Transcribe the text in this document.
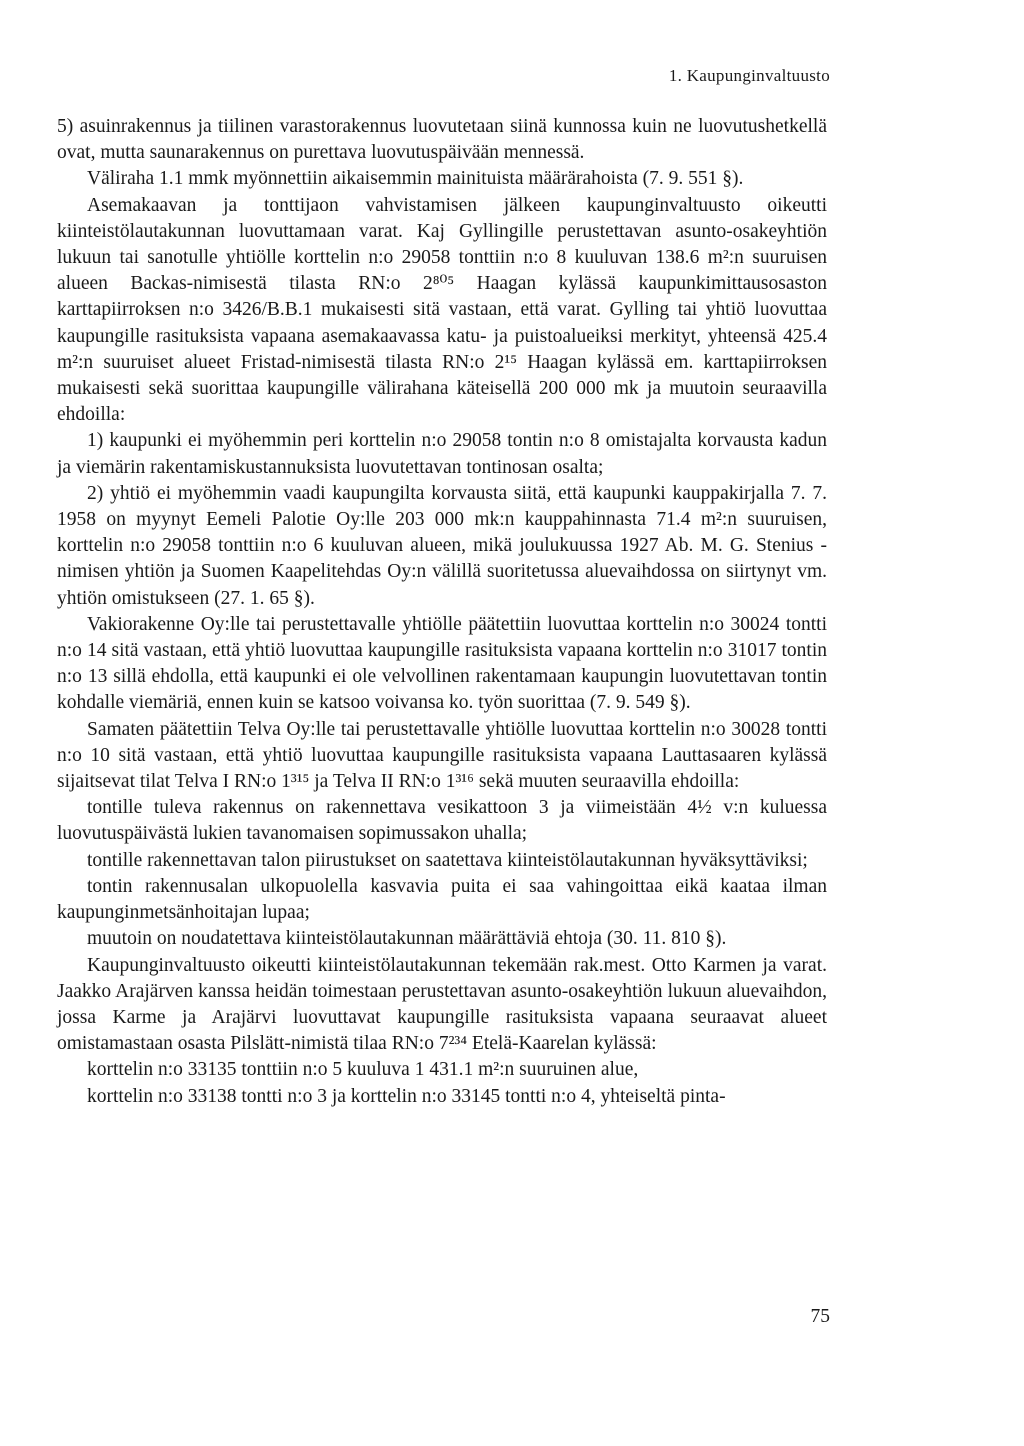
1. Kaupunginvaltuusto

5) asuinrakennus ja tiilinen varastorakennus luovutetaan siinä kunnossa kuin ne luovutushetkellä ovat, mutta saunarakennus on purettava luovutuspäivään mennessä.

Väliraha 1.1 mmk myönnettiin aikaisemmin mainituista määrärahoista (7. 9. 551 §).

Asemakaavan ja tonttijaon vahvistamisen jälkeen kaupunginvaltuusto oikeutti kiinteistölautakunnan luovuttamaan varat. Kaj Gyllingille perustettavan asunto-osakeyhtiön lukuun tai sanotulle yhtiölle korttelin n:o 29058 tonttiin n:o 8 kuuluvan 138.6 m²:n suuruisen alueen Backas-nimisestä tilasta RN:o 2⁸⁰⁵ Haagan kylässä kaupunkimittausosaston karttapiirroksen n:o 3426/B.B.1 mukaisesti sitä vastaan, että varat. Gylling tai yhtiö luovuttaa kaupungille rasituksista vapaana asemakaavassa katu- ja puistoalueiksi merkityt, yhteensä 425.4 m²:n suuruiset alueet Fristad-nimisestä tilasta RN:o 2¹⁵ Haagan kylässä em. karttapiirroksen mukaisesti sekä suorittaa kaupungille välirahana käteisellä 200 000 mk ja muutoin seuraavilla ehdoilla:

1) kaupunki ei myöhemmin peri korttelin n:o 29058 tontin n:o 8 omistajalta korvausta kadun ja viemärin rakentamiskustannuksista luovutettavan tontinosan osalta;

2) yhtiö ei myöhemmin vaadi kaupungilta korvausta siitä, että kaupunki kauppakirjalla 7. 7. 1958 on myynyt Eemeli Palotie Oy:lle 203 000 mk:n kauppahinnasta 71.4 m²:n suuruisen, korttelin n:o 29058 tonttiin n:o 6 kuuluvan alueen, mikä joulukuussa 1927 Ab. M. G. Stenius -nimisen yhtiön ja Suomen Kaapelitehdas Oy:n välillä suoritetussa aluevaihdossa on siirtynyt vm. yhtiön omistukseen (27. 1. 65 §).

Vakiorakenne Oy:lle tai perustettavalle yhtiölle päätettiin luovuttaa korttelin n:o 30024 tontti n:o 14 sitä vastaan, että yhtiö luovuttaa kaupungille rasituksista vapaana korttelin n:o 31017 tontin n:o 13 sillä ehdolla, että kaupunki ei ole velvollinen rakentamaan kaupungin luovutettavan tontin kohdalle viemäriä, ennen kuin se katsoo voivansa ko. työn suorittaa (7. 9. 549 §).

Samaten päätettiin Telva Oy:lle tai perustettavalle yhtiölle luovuttaa korttelin n:o 30028 tontti n:o 10 sitä vastaan, että yhtiö luovuttaa kaupungille rasituksista vapaana Lauttasaaren kylässä sijaitsevat tilat Telva I RN:o 1³¹⁵ ja Telva II RN:o 1³¹⁶ sekä muuten seuraavilla ehdoilla:

tontille tuleva rakennus on rakennettava vesikattoon 3 ja viimeistään 4½ v:n kuluessa luovutuspäivästä lukien tavanomaisen sopimussakon uhalla;

tontille rakennettavan talon piirustukset on saatettava kiinteistölautakunnan hyväksyttäviksi;

tontin rakennusalan ulkopuolella kasvavia puita ei saa vahingoittaa eikä kaataa ilman kaupunginmetsänhoitajan lupaa;

muutoin on noudatettava kiinteistölautakunnan määrättäviä ehtoja (30. 11. 810 §).

Kaupunginvaltuusto oikeutti kiinteistölautakunnan tekemään rak.mest. Otto Karmen ja varat. Jaakko Arajärven kanssa heidän toimestaan perustettavan asunto-osakeyhtiön lukuun aluevaihdon, jossa Karme ja Arajärvi luovuttavat kaupungille rasituksista vapaana seuraavat alueet omistamastaan osasta Pilslätt-nimistä tilaa RN:o 7²³⁴ Etelä-Kaarelan kylässä:

korttelin n:o 33135 tonttiin n:o 5 kuuluva 1 431.1 m²:n suuruinen alue,

korttelin n:o 33138 tontti n:o 3 ja korttelin n:o 33145 tontti n:o 4, yhteiseltä pinta-

75
